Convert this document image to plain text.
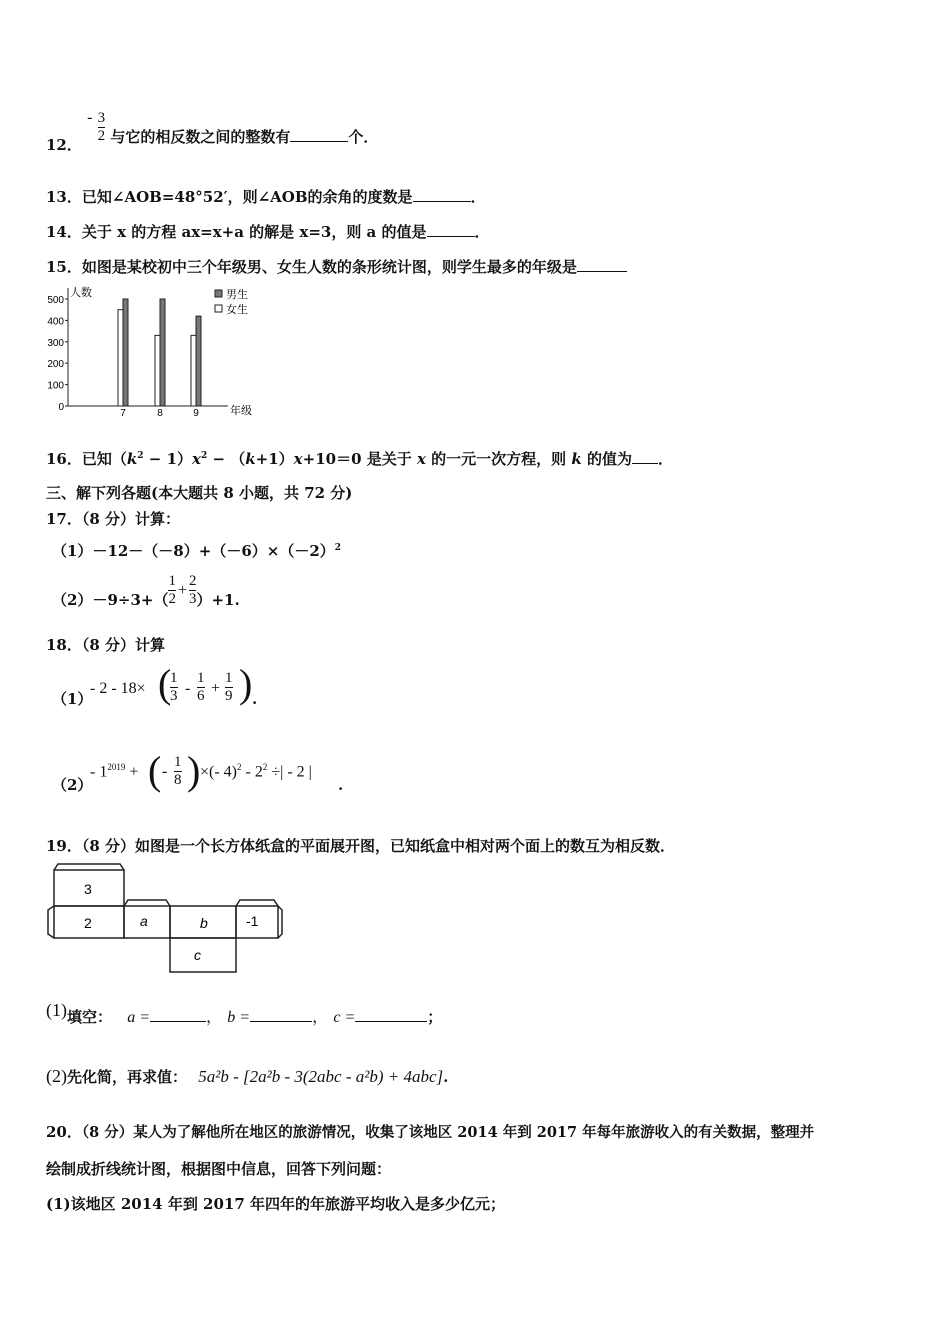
12． - $\frac{3}{2}$ 与它的相反数之间的整数有	个．
13．已知∠AOB=48°52′，则∠AOB的余角的度数是	．
14．关于 x 的方程 ax=x+a 的解是 x=3，则 a 的值是	．
15．如图是某校初中三个年级男、女生人数的条形统计图，则学生最多的年级是
人数
年级
500
400
300
200
100
0
7	8	9
男生
女生
16．已知$(k^2 - 1)x^2 - (k+1)x+10=0$ 是关于 x 的一元一次方程，则 k 的值为 ．
三、解下列各题(本大题共 8 小题，共 72 分)
17．（8 分）计算：
$(1)-12-(-8)+(-6)\times(-2)^2$
$(2)-9\div 3+( \frac{1}{2} + \frac{2}{3} )+1$.
18．（8 分）计算
（1）
- 2 - 18× (
1
3 -
1
6 +
1
9 ) .
（2）
- $1^{2019}$ + ( -
1
8 ) ×(- $4)^2 - 2^2$ ÷| - 2 |
.
19．（8 分）如图是一个长方体纸盒的平面展开图，已知纸盒中相对两个面上的数互为相反数．
3
2	a	b	-1
c
(1)填空： a =	， b =	， c =	；
(2)先化简，再求值： 5a²b - [2a²b - 3(2abc - a²b) + 4abc].
20．（8 分）某人为了解他所在地区的旅游情况，收集了该地区 2014 年到 2017 年每年旅游收入的有关数据，整理并
绘制成折线统计图，根据图中信息，回答下列问题：
(1)该地区 2014 年到 2017 年四年的年旅游平均收入是多少亿元；
